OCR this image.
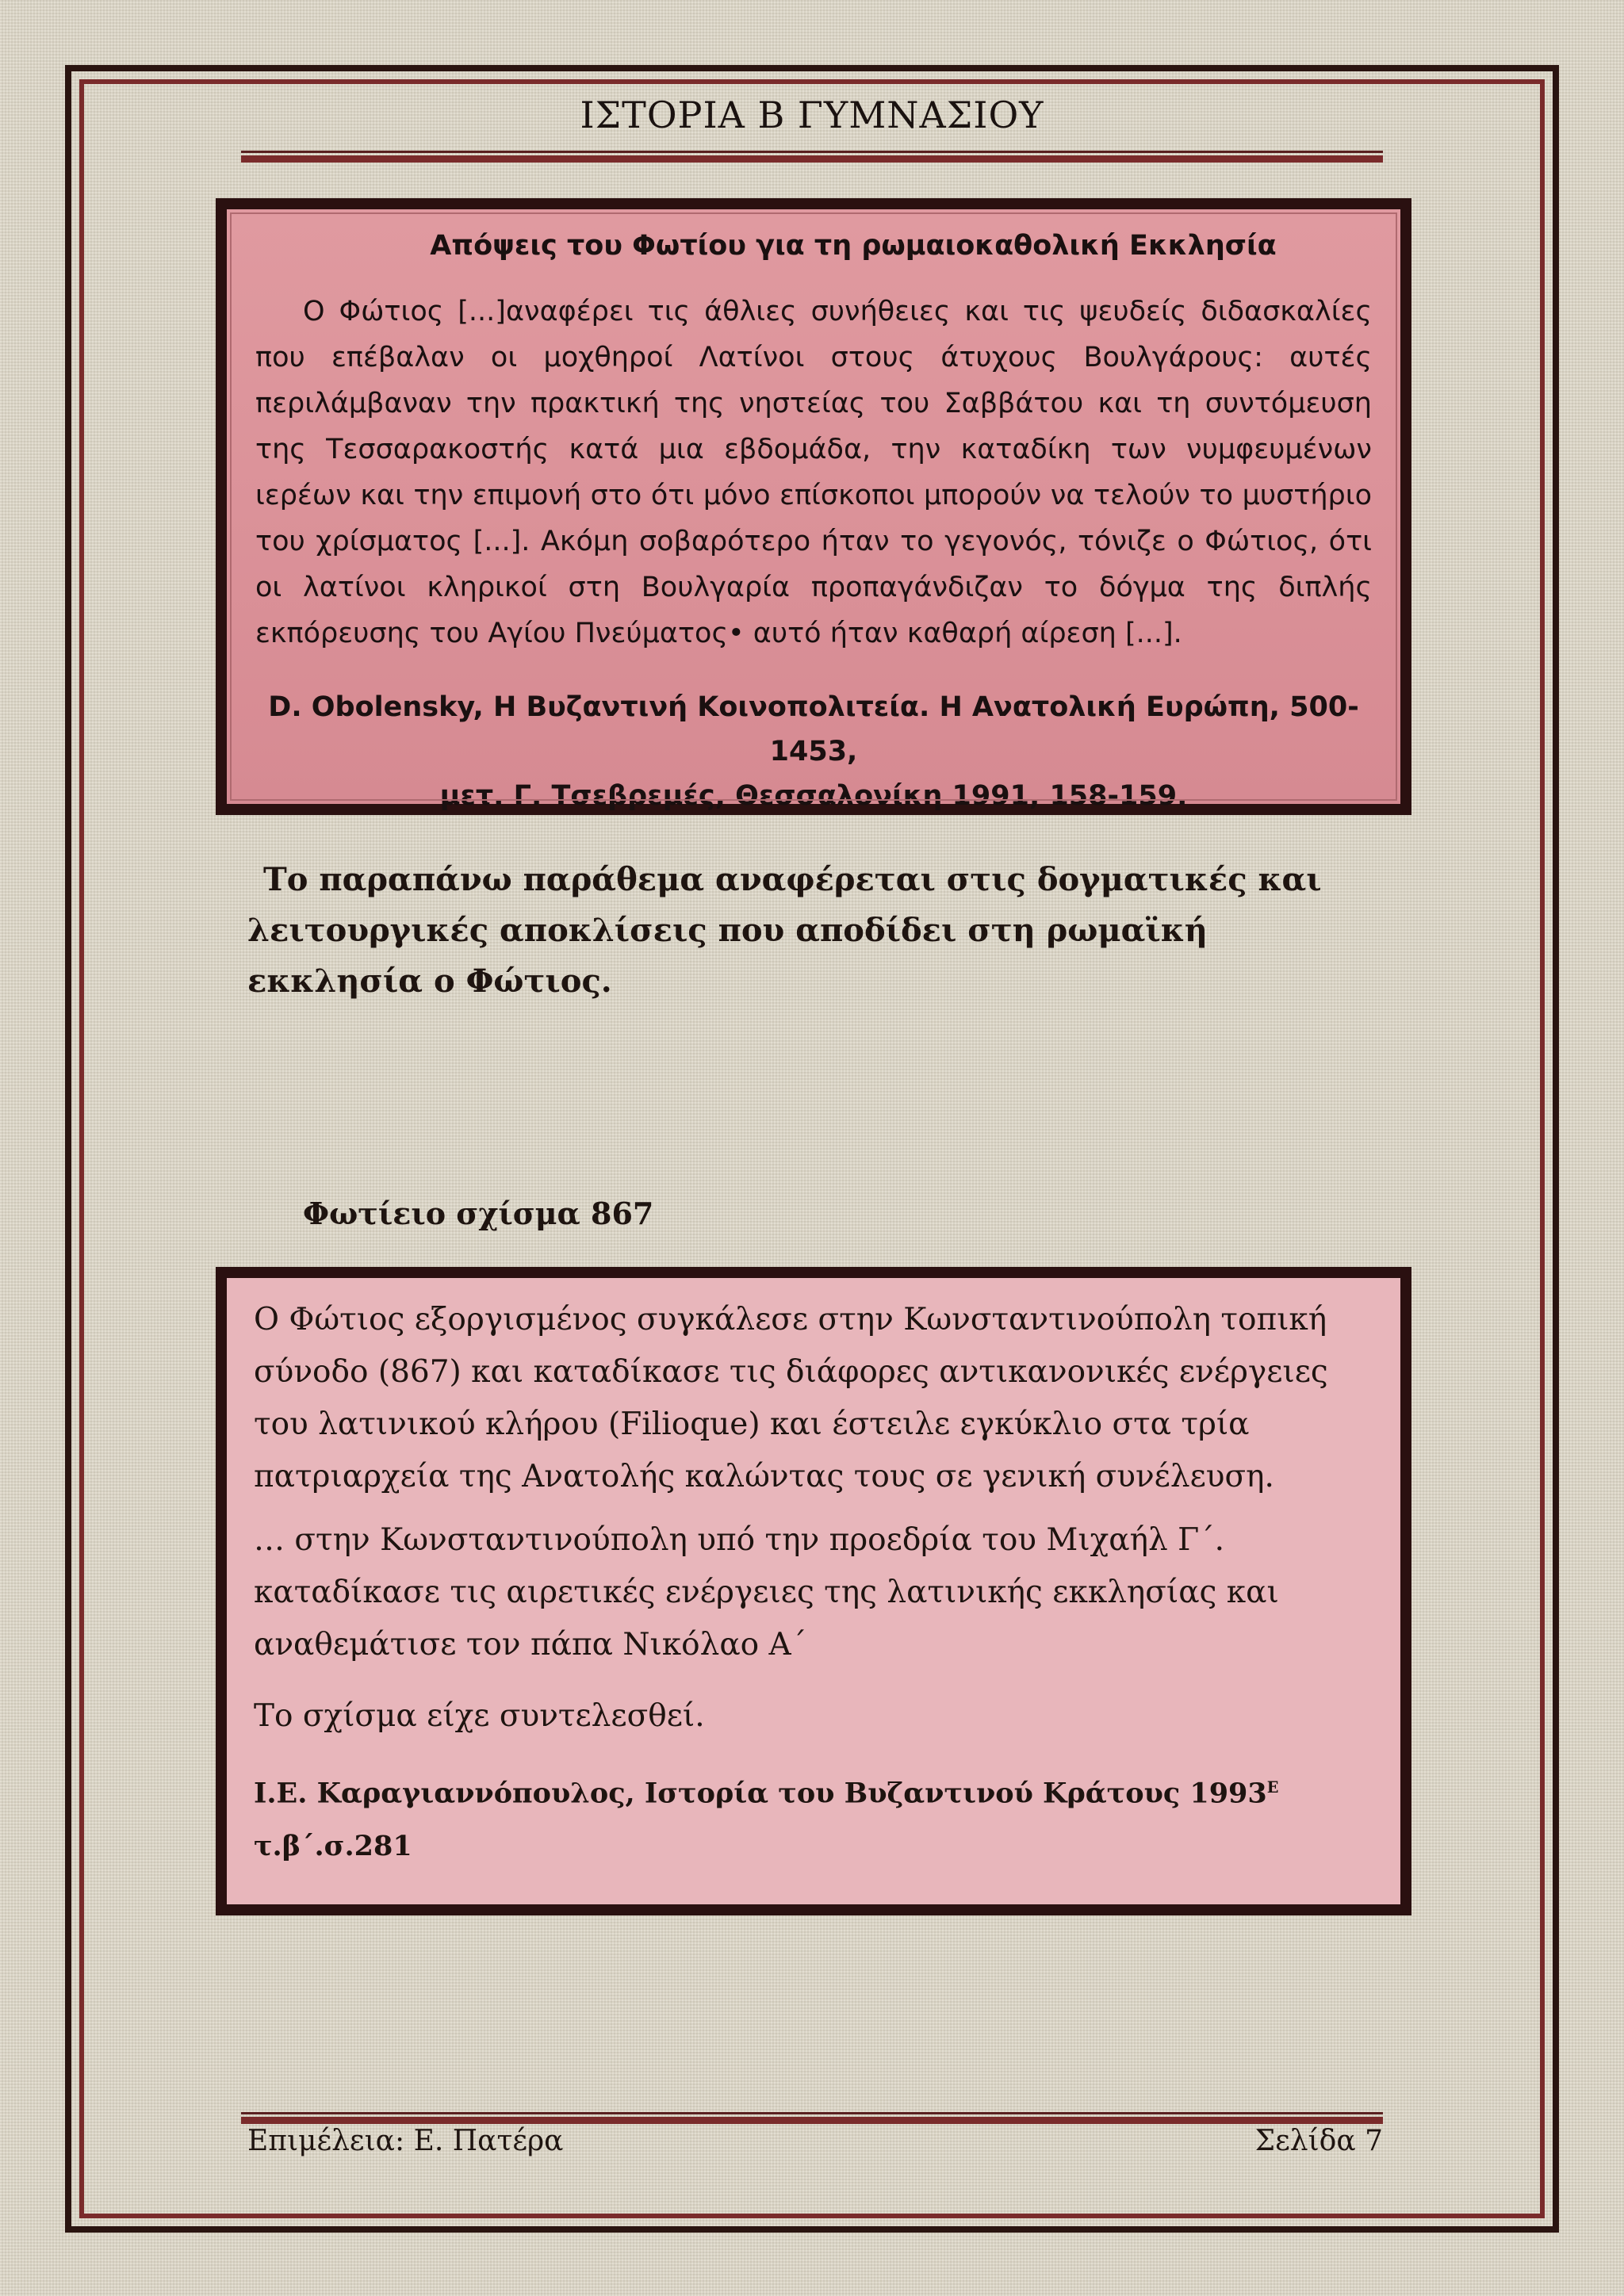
ΙΣΤΟΡΙΑ Β ΓΥΜΝΑΣΙΟΥ
Απόψεις του Φωτίου για τη ρωμαιοκαθολική Εκκλησία

Ο Φώτιος [...]αναφέρει τις άθλιες συνήθειες και τις ψευδείς διδασκαλίες που επέβαλαν οι μοχθηροί Λατίνοι στους άτυχους Βουλγάρους: αυτές περιλάμβαναν την πρακτική της νηστείας του Σαββάτου και τη συντόμευση της Τεσσαρακοστής κατά μια εβδομάδα, την καταδίκη των νυμφευμένων ιερέων και την επιμονή στο ότι μόνο επίσκοποι μπορούν να τελούν το μυστήριο του χρίσματος [...]. Ακόμη σοβαρότερο ήταν το γεγονός, τόνιζε ο Φώτιος, ότι οι λατίνοι κληρικοί στη Βουλγαρία προπαγάνδιζαν το δόγμα της διπλής εκπόρευσης του Αγίου Πνεύματος• αυτό ήταν καθαρή αίρεση [...].

D. Obolensky, Η Βυζαντινή Κοινοπολιτεία. Η Ανατολική Ευρώπη, 500-1453,
μετ. Γ. Τσεβρεμές, Θεσσαλονίκη 1991, 158-159.
Το παραπάνω παράθεμα αναφέρεται στις δογματικές και λειτουργικές αποκλίσεις που αποδίδει στη ρωμαϊκή εκκλησία ο Φώτιος.
Φωτίειο σχίσμα 867

Ο Φώτιος εξοργισμένος συγκάλεσε στην Κωνσταντινούπολη τοπική σύνοδο (867) και καταδίκασε τις διάφορες αντικανονικές ενέργειες του λατινικού κλήρου (Filioque) και έστειλε εγκύκλιο στα τρία πατριαρχεία της Ανατολής καλώντας τους σε γενική συνέλευση.

… στην Κωνσταντινούπολη υπό την προεδρία του Μιχαήλ Γ΄. καταδίκασε τις αιρετικές ενέργειες της λατινικής εκκλησίας και αναθεμάτισε τον πάπα Νικόλαο Α΄

Το σχίσμα είχε συντελεσθεί.

Ι.Ε. Καραγιαννόπουλος, Ιστορία του Βυζαντινού Κράτους $1993^E$ τ.β΄.σ.281

Επιμέλεια: Ε. Πατέρα	Σελίδα 7
